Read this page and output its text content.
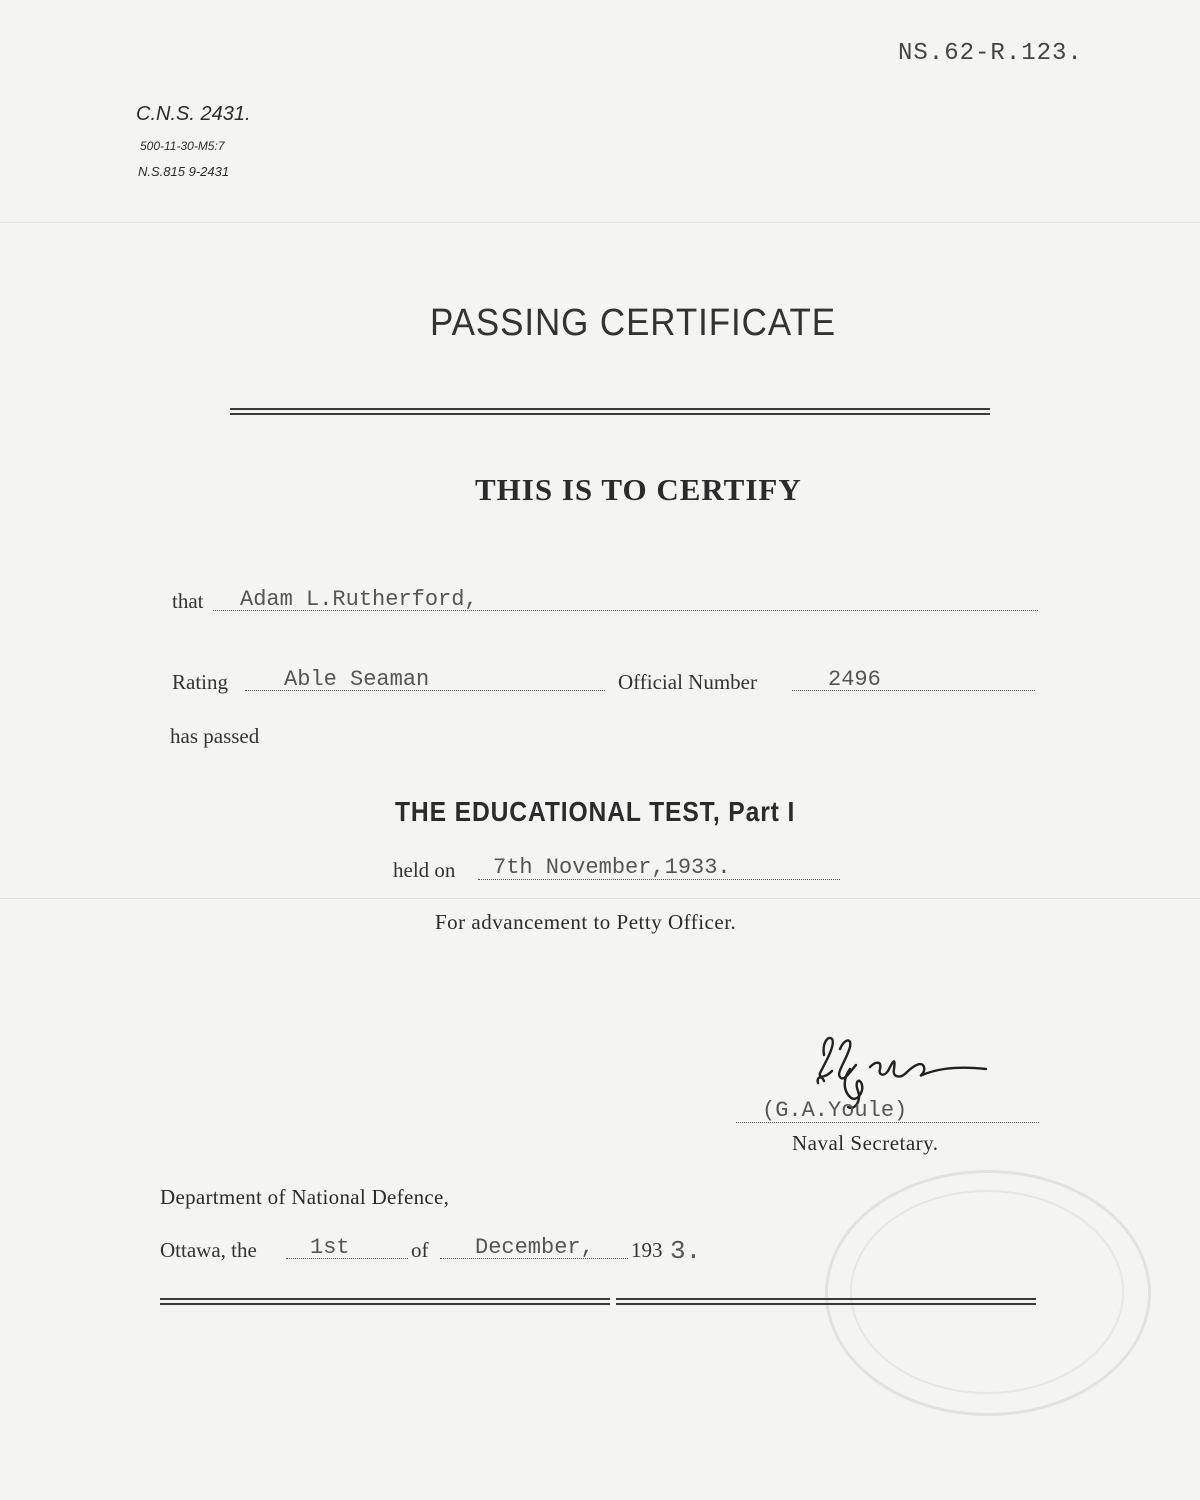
NS.62-R.123.
C.N.S. 2431.
500-11-30-M5:7
N.S.815 9-2431
PASSING CERTIFICATE
THIS IS TO CERTIFY
that Adam L.Rutherford,
Rating	Able Seaman	Official Number	2496
has passed
THE EDUCATIONAL TEST, Part I
held on 7th November,1933.
For advancement to Petty Officer.
(G.A.Youle)
Naval Secretary.
Department of National Defence,
Ottawa, the 1st	of December, 193 3.
